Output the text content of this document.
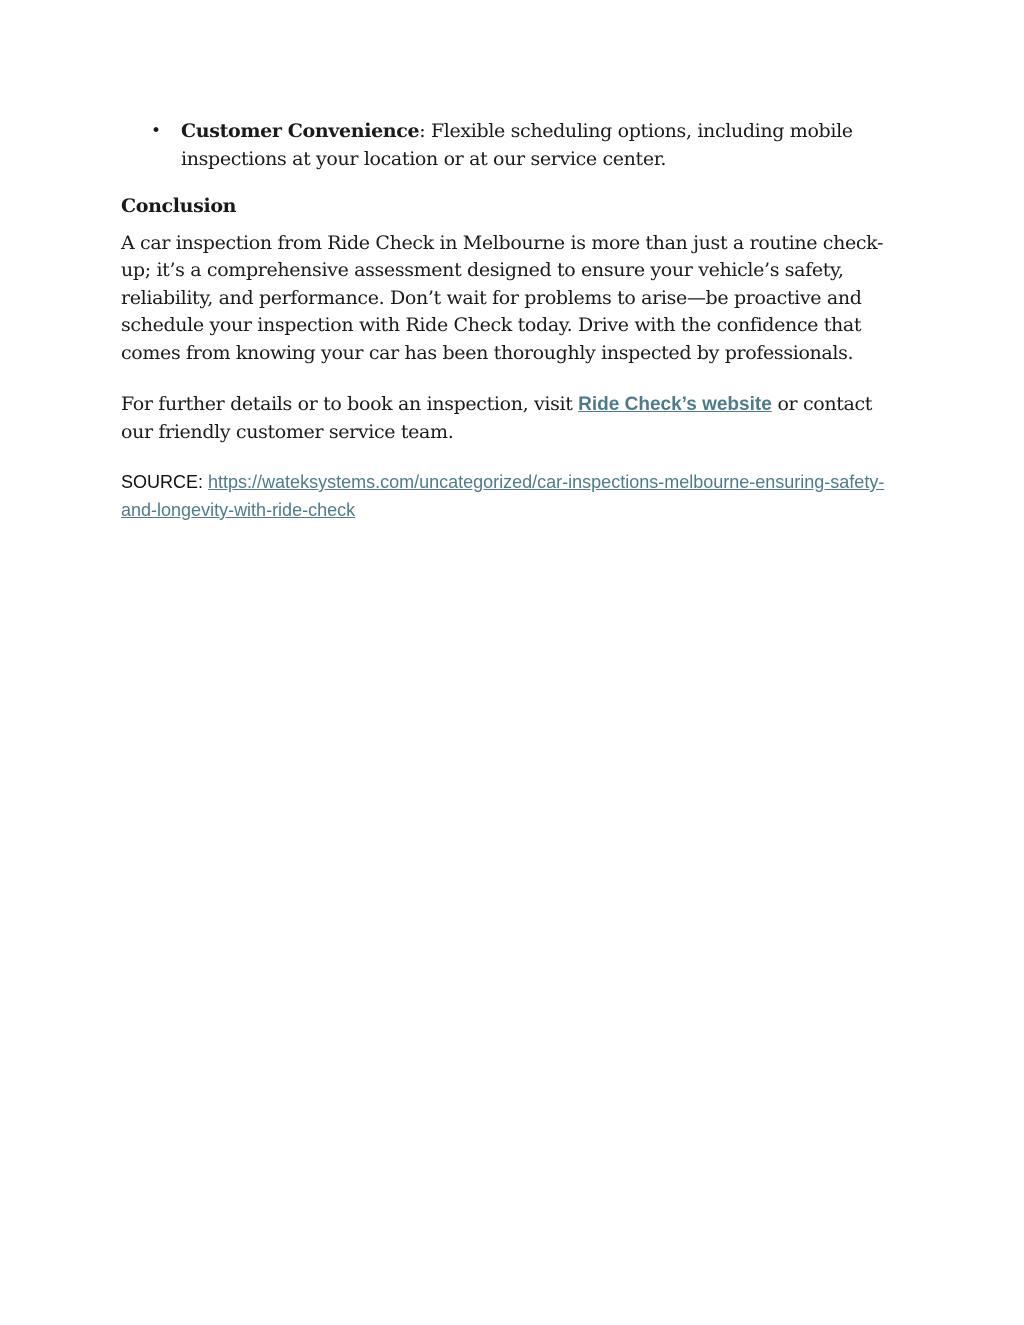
• Customer Convenience: Flexible scheduling options, including mobile inspections at your location or at our service center.

Conclusion
A car inspection from Ride Check in Melbourne is more than just a routine check-up; it’s a comprehensive assessment designed to ensure your vehicle’s safety, reliability, and performance. Don’t wait for problems to arise—be proactive and schedule your inspection with Ride Check today. Drive with the confidence that comes from knowing your car has been thoroughly inspected by professionals.
For further details or to book an inspection, visit Ride Check’s website or contact our friendly customer service team.
SOURCE: https://wateksystems.com/uncategorized/car-inspections-melbourne-ensuring-safety-and-longevity-with-ride-check
